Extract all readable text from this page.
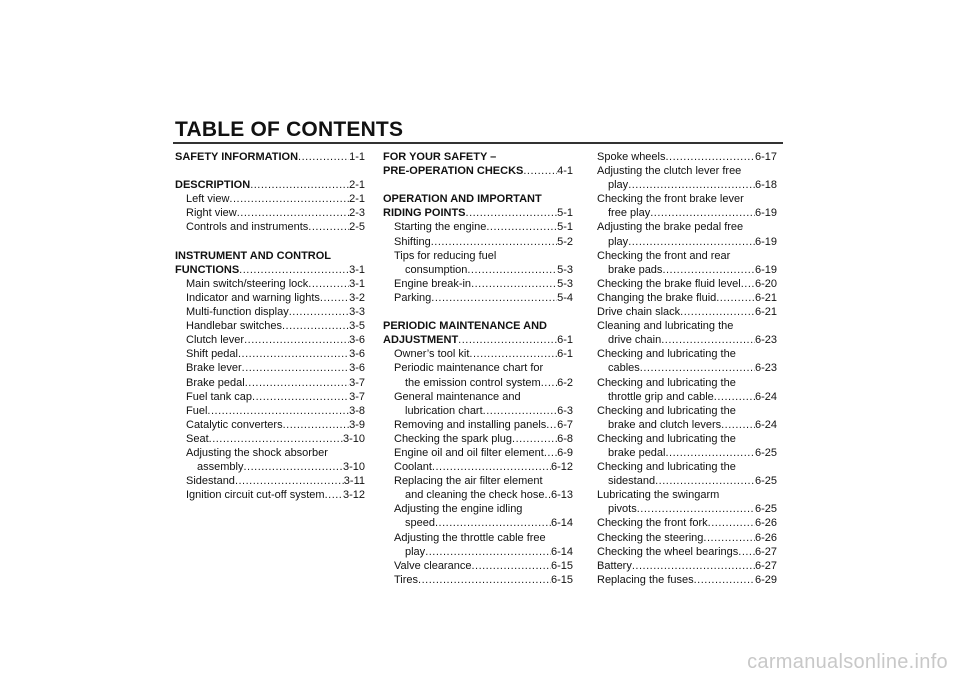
TABLE OF CONTENTS
SAFETY INFORMATION .....	1-1
DESCRIPTION .....	2-1
Left view .....	2-1
Right view .....	2-3
Controls and instruments .....	2-5
INSTRUMENT AND CONTROL
FUNCTIONS .....	3-1
Main switch/steering lock .....	3-1
Indicator and warning lights .....	3-2
Multi-function display .....	3-3
Handlebar switches .....	3-5
Clutch lever .....	3-6
Shift pedal .....	3-6
Brake lever .....	3-6
Brake pedal .....	3-7
Fuel tank cap .....	3-7
Fuel .....	3-8
Catalytic converters .....	3-9
Seat .....	3-10
Adjusting the shock absorber
assembly .....	3-10
Sidestand .....	3-11
Ignition circuit cut-off system ..... 3-12
FOR YOUR SAFETY –
PRE-OPERATION CHECKS .....	4-1
OPERATION AND IMPORTANT
RIDING POINTS .....	5-1
Starting the engine .....	5-1
Shifting .....	5-2
Tips for reducing fuel
consumption .....	5-3
Engine break-in .....	5-3
Parking .....	5-4
PERIODIC MAINTENANCE AND
ADJUSTMENT .....	6-1
Owner’s tool kit .....	6-1
Periodic maintenance chart for
the emission control system ..... 6-2
General maintenance and
lubrication chart .....	6-3
Removing and installing panels ..... 6-7
Checking the spark plug .....	6-8
Engine oil and oil filter element ..... 6-9
Coolant .....	6-12
Replacing the air filter element
and cleaning the check hose ..... 6-13
Adjusting the engine idling
speed .....	6-14
Adjusting the throttle cable free
play .....	6-14
Valve clearance .....	6-15
Tires .....	6-15
Spoke wheels .....	6-17
Adjusting the clutch lever free
play .....	6-18
Checking the front brake lever
free play .....	6-19
Adjusting the brake pedal free
play .....	6-19
Checking the front and rear
brake pads .....	6-19
Checking the brake fluid level ..... 6-20
Changing the brake fluid .....	6-21
Drive chain slack .....	6-21
Cleaning and lubricating the
drive chain .....	6-23
Checking and lubricating the
cables .....	6-23
Checking and lubricating the
throttle grip and cable .....	6-24
Checking and lubricating the
brake and clutch levers .....	6-24
Checking and lubricating the
brake pedal .....	6-25
Checking and lubricating the
sidestand .....	6-25
Lubricating the swingarm
pivots .....	6-25
Checking the front fork .....	6-26
Checking the steering .....	6-26
Checking the wheel bearings ..... 6-27
Battery .....	6-27
Replacing the fuses .....	6-29
carmanualsonline.info
